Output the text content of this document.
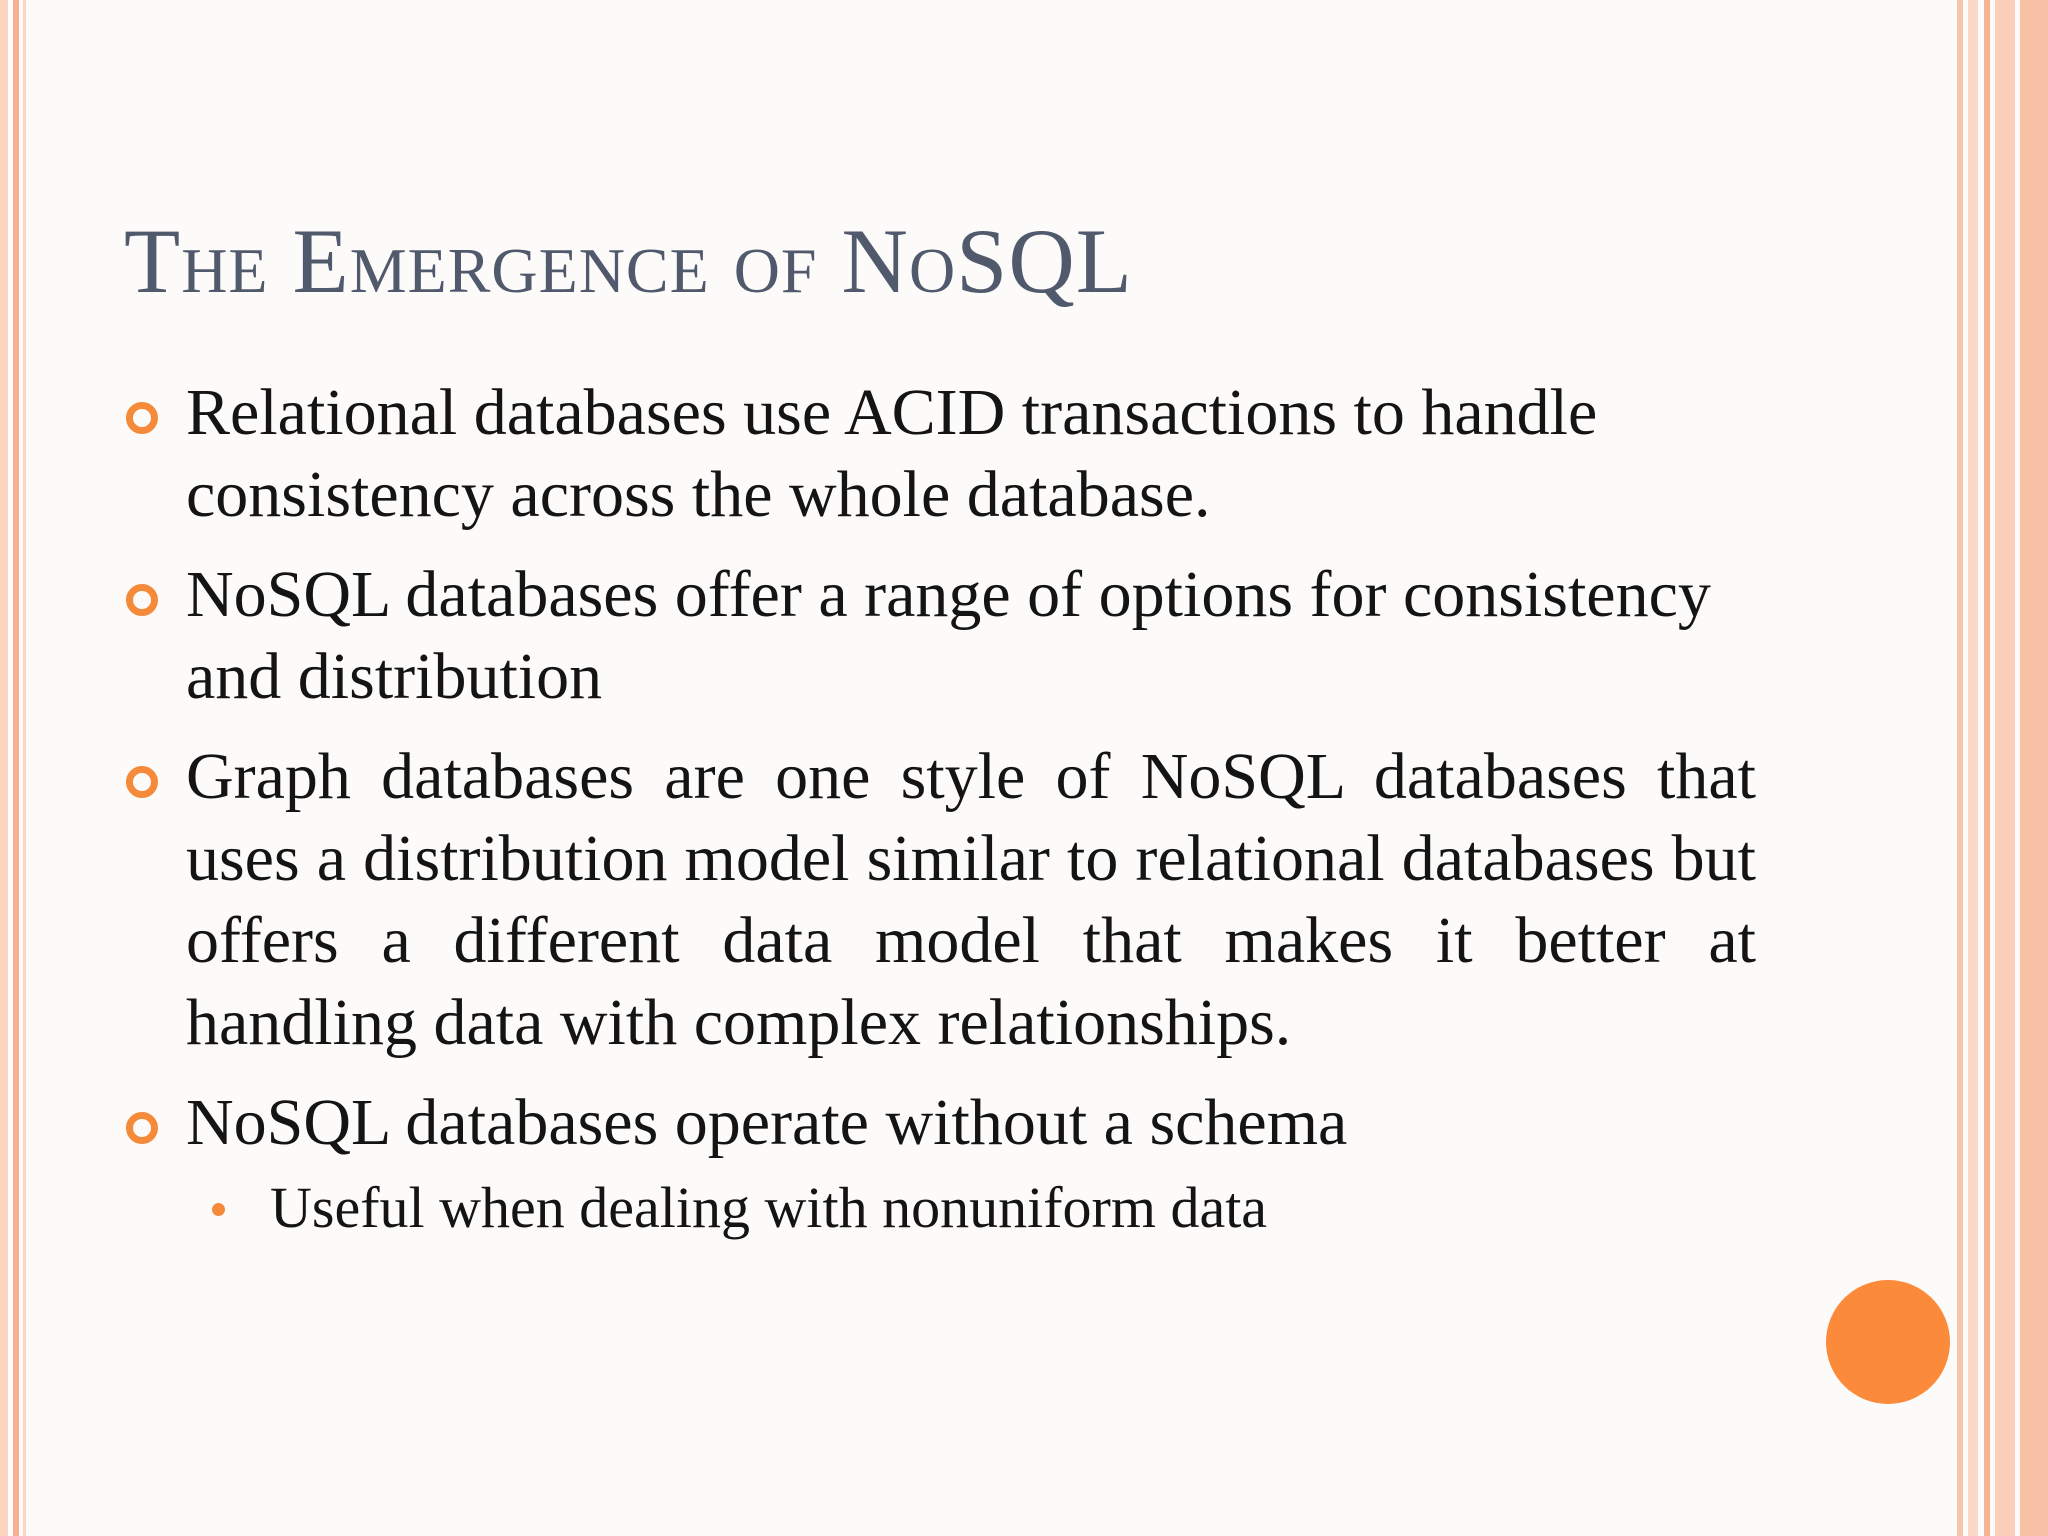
The Emergence of NoSQL
Relational databases use ACID transactions to handle consistency across the whole database.
NoSQL databases offer a range of options for consistency and distribution
Graph databases are one style of NoSQL databases that uses a distribution model similar to relational databases but offers a different data model that makes it better at handling data with complex relationships.
NoSQL databases operate without a schema
Useful when dealing with nonuniform data
